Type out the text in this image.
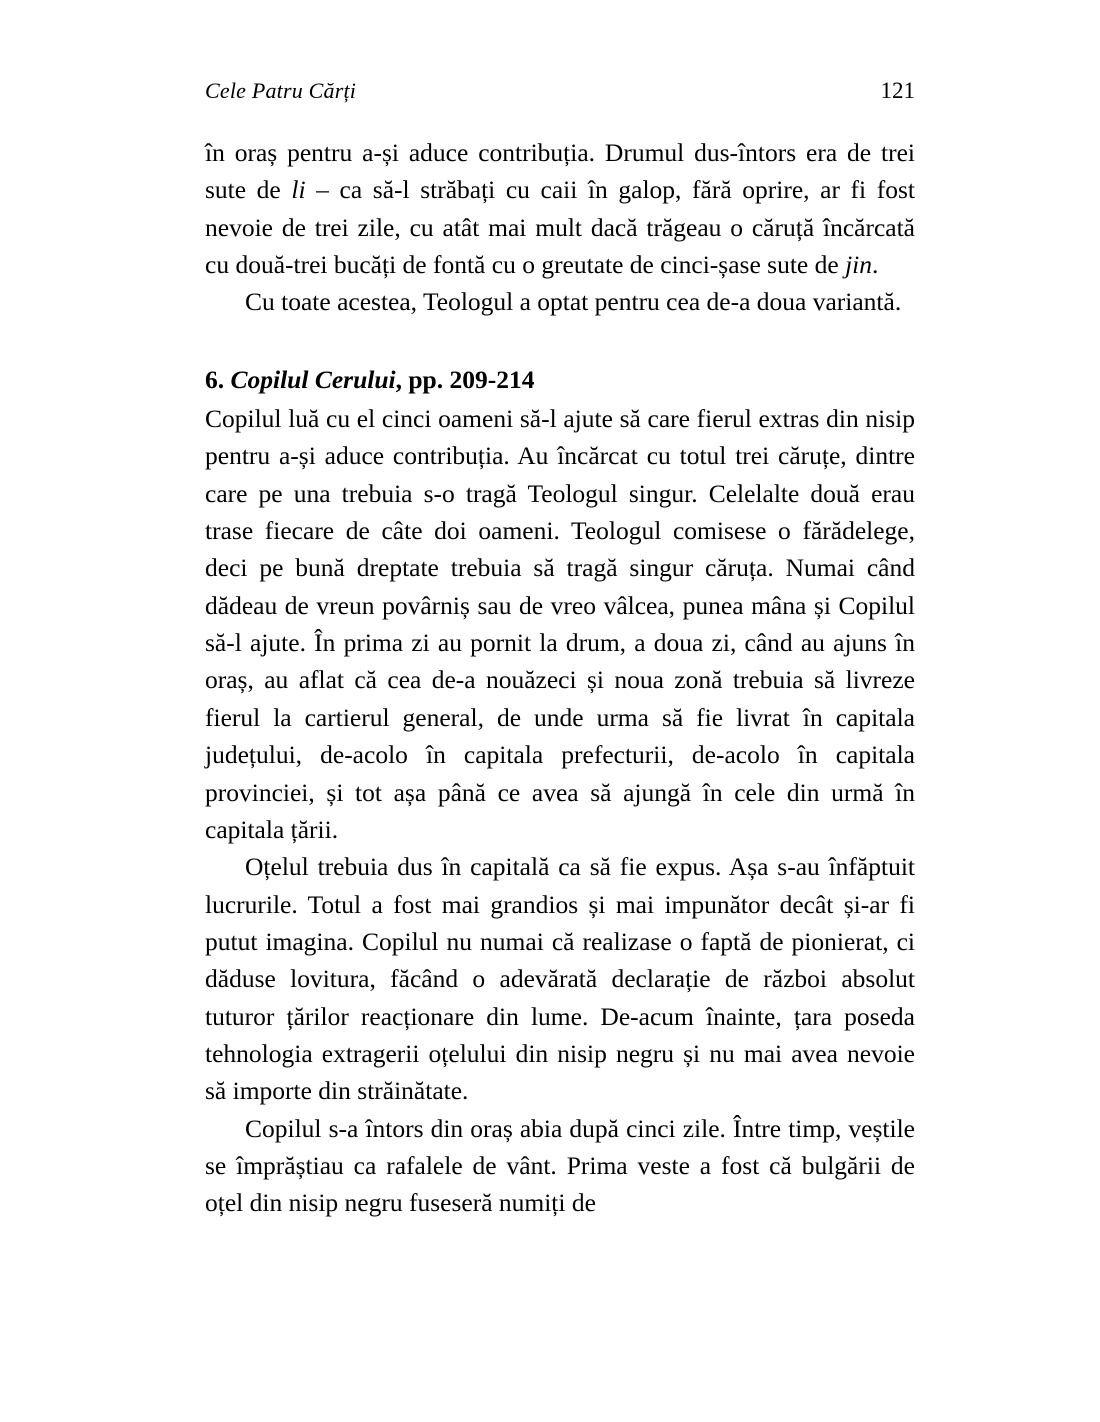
Cele Patru Cărți	121

în oraș pentru a-și aduce contribuția. Drumul dus-întors era de trei sute de li – ca să-l străbați cu caii în galop, fără oprire, ar fi fost nevoie de trei zile, cu atât mai mult dacă trăgeau o căruță încărcată cu două-trei bucăți de fontă cu o greutate de cinci-șase sute de jin.

Cu toate acestea, Teologul a optat pentru cea de-a doua variantă.

6. Copilul Cerului, pp. 209-214

Copilul luă cu el cinci oameni să-l ajute să care fierul extras din nisip pentru a-și aduce contribuția. Au încărcat cu totul trei căruțe, dintre care pe una trebuia s-o tragă Teologul singur. Celelalte două erau trase fiecare de câte doi oameni. Teologul comisese o fărădelege, deci pe bună dreptate trebuia să tragă singur căruța. Numai când dădeau de vreun povârniș sau de vreo vâlcea, punea mâna și Copilul să-l ajute. În prima zi au pornit la drum, a doua zi, când au ajuns în oraș, au aflat că cea de-a nouăzeci și noua zonă trebuia să livreze fierul la cartierul general, de unde urma să fie livrat în capitala județului, de-acolo în capitala prefecturii, de-acolo în capitala provinciei, și tot așa până ce avea să ajungă în cele din urmă în capitala țării.

Oțelul trebuia dus în capitală ca să fie expus. Așa s-au înfăptuit lucrurile. Totul a fost mai grandios și mai impunător decât și-ar fi putut imagina. Copilul nu numai că realizase o faptă de pionierat, ci dăduse lovitura, făcând o adevărată declarație de război absolut tuturor țărilor reacționare din lume. De-acum înainte, țara poseda tehnologia extragerii oțelului din nisip negru și nu mai avea nevoie să importe din străinătate.

Copilul s-a întors din oraș abia după cinci zile. Între timp, veștile se împrăștiau ca rafalele de vânt. Prima veste a fost că bulgării de oțel din nisip negru fuseseră numiți de
